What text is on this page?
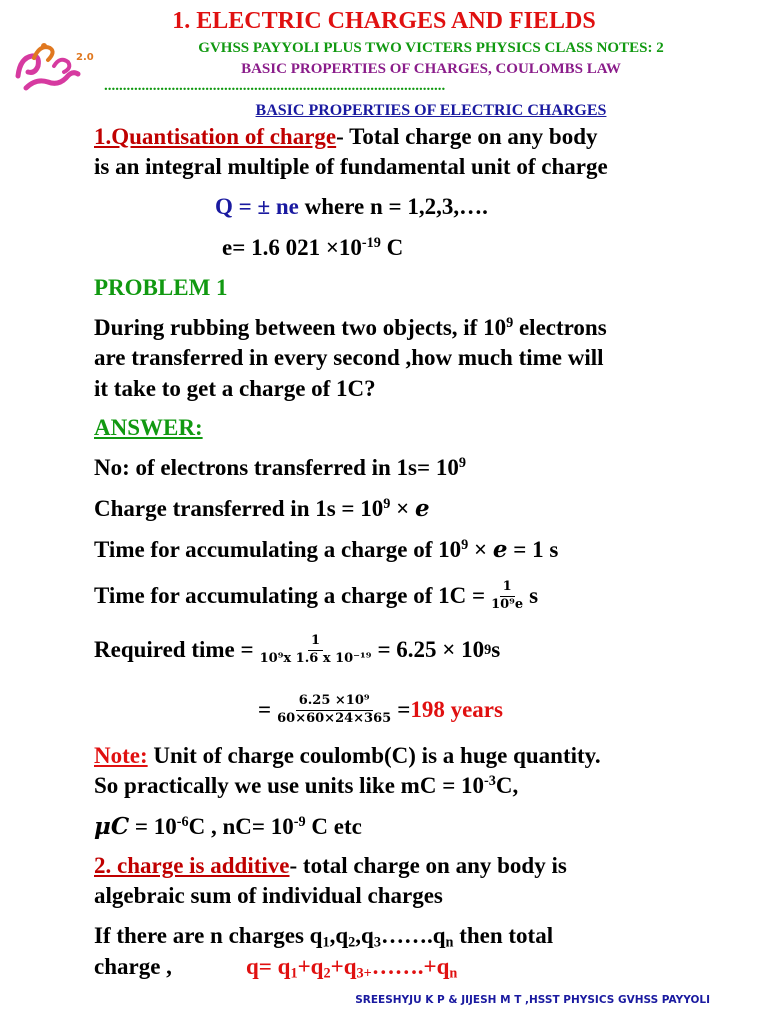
2.0
1. ELECTRIC CHARGES AND FIELDS
GVHSS PAYYOLI PLUS TWO VICTERS PHYSICS CLASS NOTES: 2
BASIC PROPERTIES OF CHARGES, COULOMBS LAW
...........................................................................................
BASIC PROPERTIES OF ELECTRIC CHARGES
1.Quantisation of charge- Total charge on any body
is an integral multiple of fundamental unit of charge
Q = ± ne where n = 1,2,3,….
e= 1.6 $021 \times 10^{-19}$ C
PROBLEM 1
During rubbing between two objects, if $10^9$ electrons
are transferred in every second ,how much time will
it take to get a charge of 1C?
ANSWER:
No: of electrons transferred in $1s= 10^9$
Charge transferred in $1s = 10^9 \times e$
Time for accumulating a charge of $10^9 \times e = 1$ s
Time for accumulating a charge of $1C = \frac{1}{\text{10⁹e}}$ s
Required time = $\frac{1}{\text{10⁹x 1.6 x 10⁻¹⁹}} = 6.25 \times 10$ 9 s
= $\frac{\text{6.25 ×10⁹}}{60\times 60\times 24\times 365} = 198$ years
Note: Unit of charge coulomb(C) is a huge quantity.
So practically we use units like mC = $10^{-3}C$,
$\mu C = 10^{-6}C$ , $nC= 10^{-9}$ C etc
2. charge is additive- total charge on any body is
algebraic sum of individual charges
If there are n charges $q_1,q_2,q_3\dots\dots.q_n$ then total
charge ,	$q= q_1+q_2+q_{3+}\dots\dots.+q_n$
SREESHYJU K P & JIJESH M T ,HSST PHYSICS GVHSS PAYYOLI
